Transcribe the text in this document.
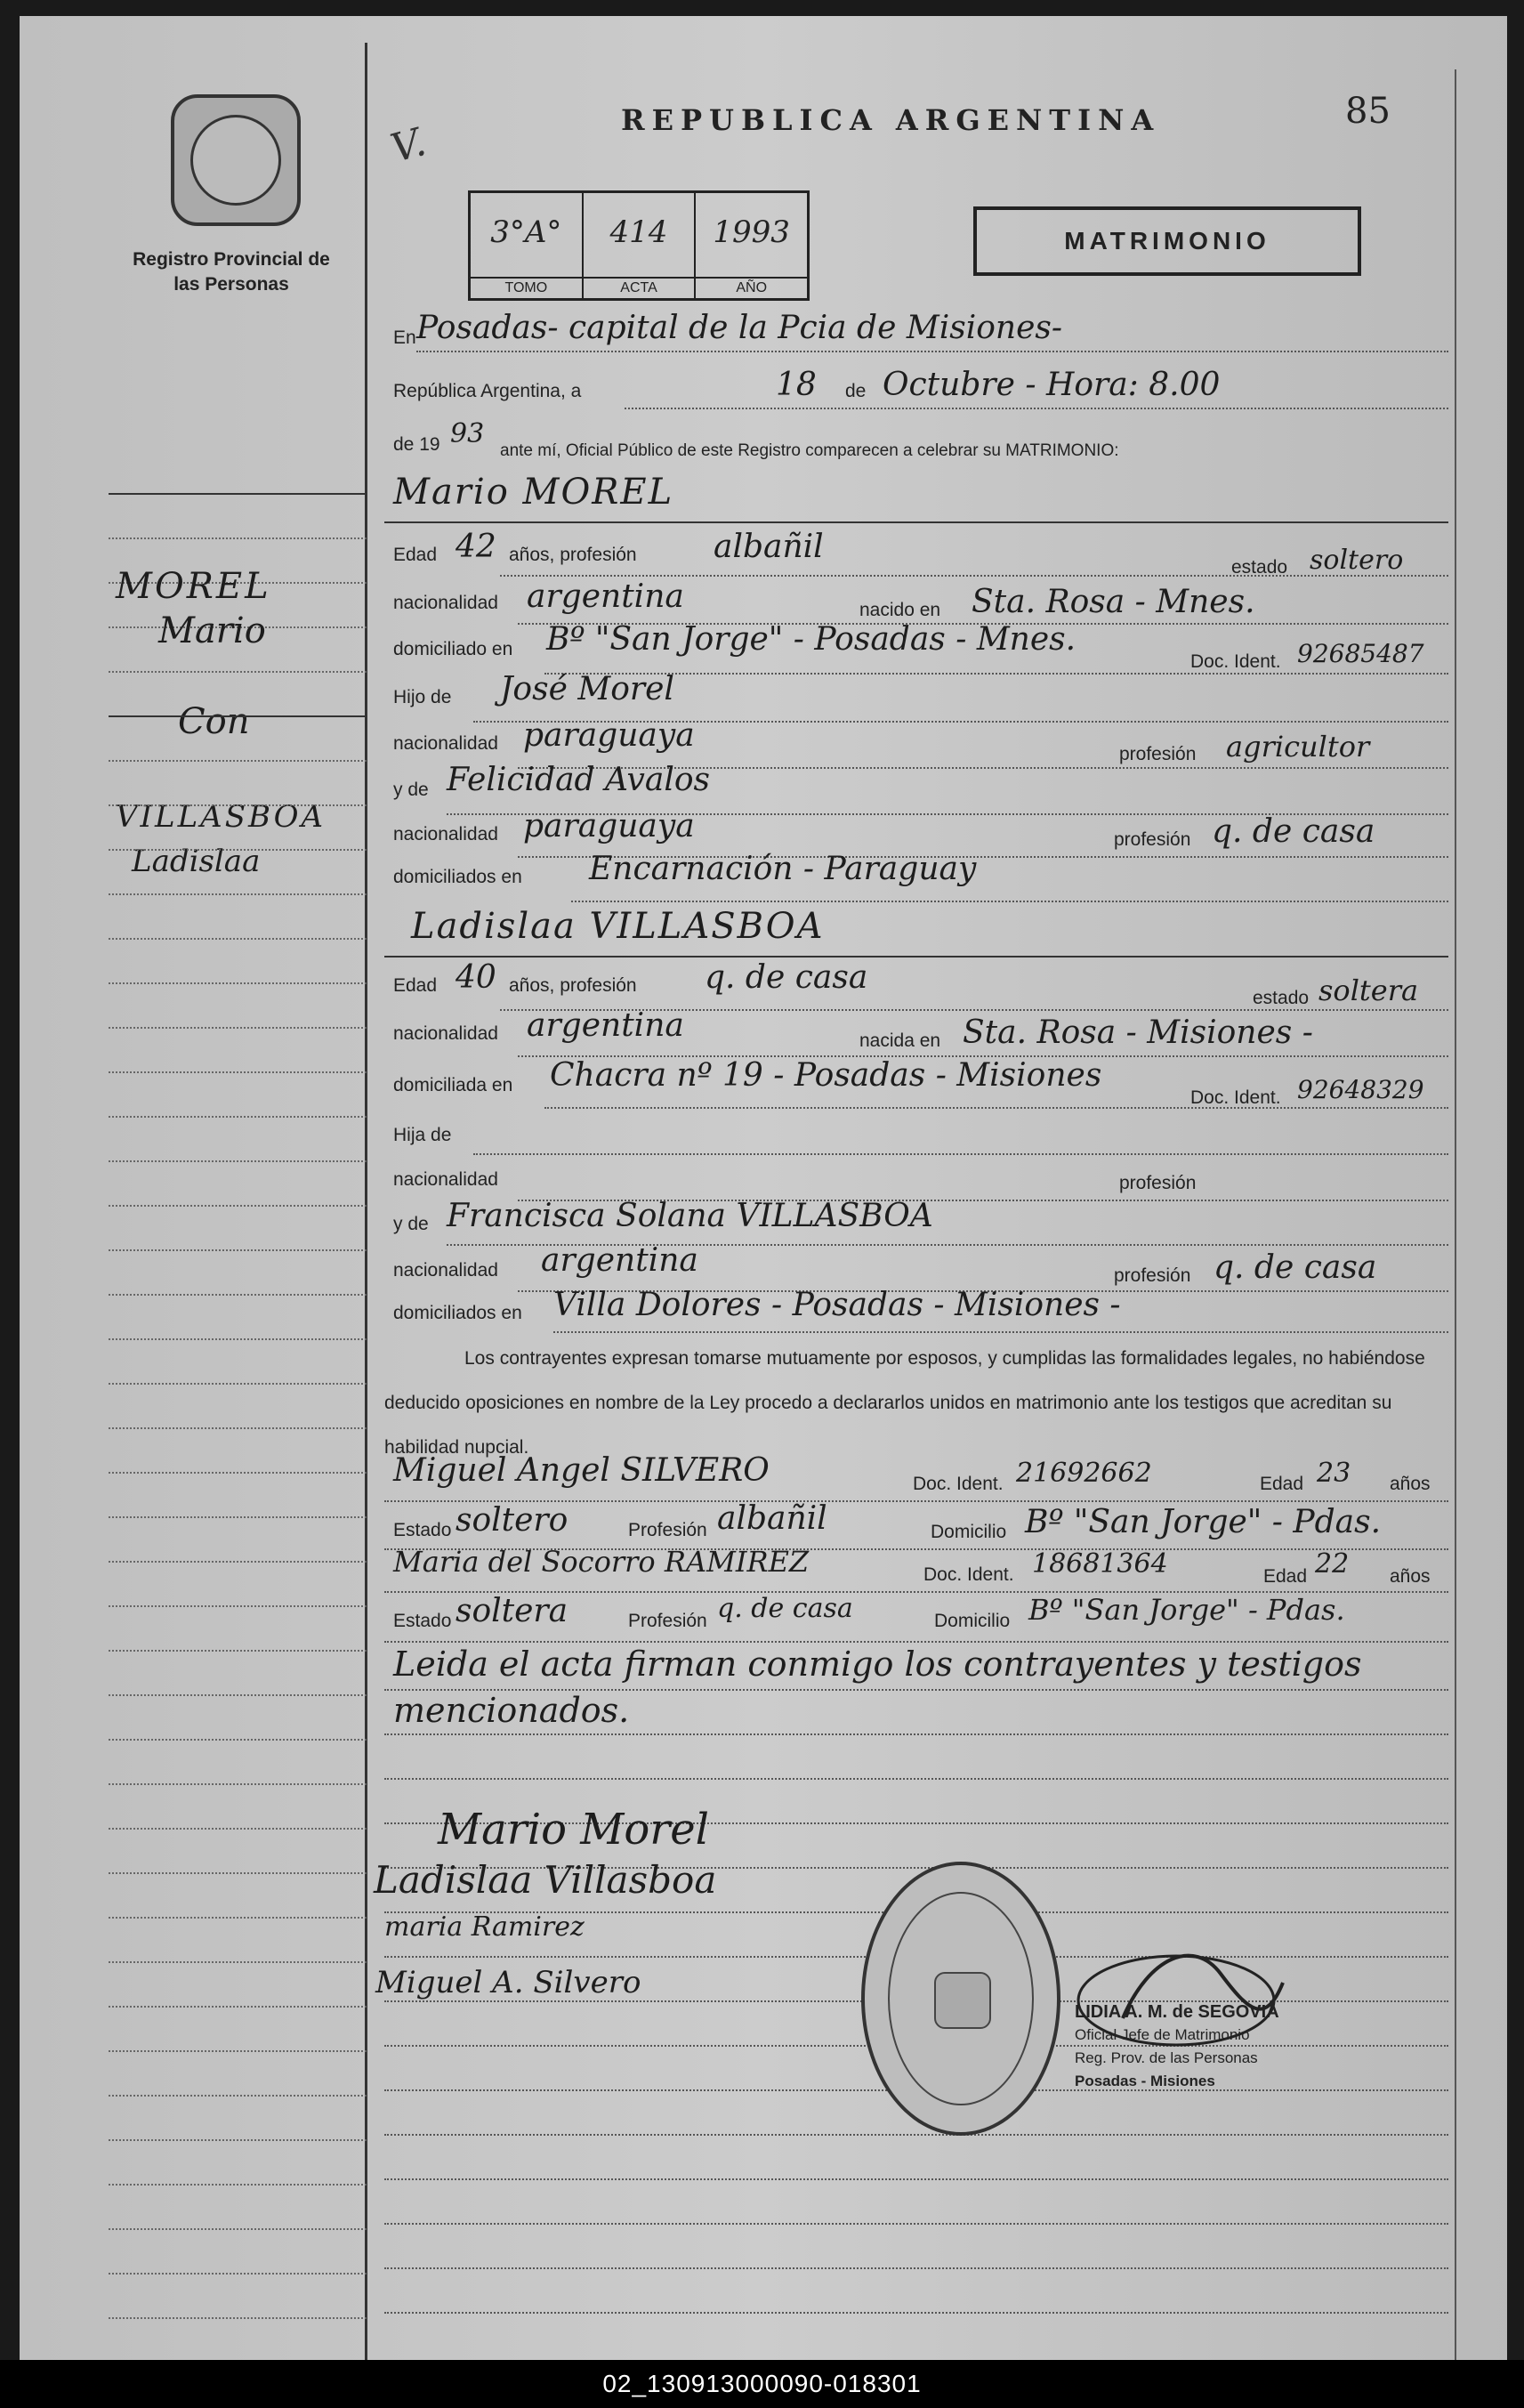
Registro Provincial de las Personas
REPUBLICA ARGENTINA	85
V.
3°A°
TOMO
414
ACTA
1993
AÑO
MATRIMONIO
En Posadas- capital de la Pcia de Misiones-
República Argentina, a	18 de Octubre - Hora: 8.00
de 19 93
ante mí, Oficial Público de este Registro comparecen a celebrar su MATRIMONIO:
Mario MOREL
Edad 42 años, profesión albañil
estado soltero
nacionalidad argentina	nacido en Sta. Rosa - Mnes.
domiciliado en Bº "San Jorge" - Posadas - Mnes.
Doc. Ident. 92685487
Hijo de José Morel
nacionalidad paraguaya
profesión agricultor
y de Felicidad Avalos
nacionalidad paraguaya	profesión q. de casa
domiciliados en Encarnación - Paraguay
Ladislaa VILLASBOA
Edad 40 años, profesión q. de casa
estado soltera
nacionalidad argentina	nacida en Sta. Rosa - Misiones -
domiciliada en Chacra nº 19 - Posadas - Misiones
Doc. Ident. 92648329
Hija de
nacionalidad	profesión
y de Francisca Solana VILLASBOA
nacionalidad argentina	profesión q. de casa
domiciliados en Villa Dolores - Posadas - Misiones -
Los contrayentes expresan tomarse mutuamente por esposos, y cumplidas las formalidades legales, no habiéndose deducido oposiciones en nombre de la Ley procedo a declararlos unidos en matrimonio ante los testigos que acreditan su habilidad nupcial.
Miguel Angel SILVERO	Doc. Ident. 21692662	Edad 23 años
Estado soltero	Profesión albañil	Domicilio Bº "San Jorge" - Pdas.
Maria del Socorro RAMIREZ	Doc. Ident. 18681364	Edad 22 años
Estado soltera	Profesión q. de casa	Domicilio Bº "San Jorge" - Pdas.
Leida el acta firman conmigo los contrayentes y testigos mencionados.
Mario Morel
Ladislaa Villasboa
maria Ramirez
Miguel A. Silvero
LIDIA A. M. de SEGOVIA
Oficial Jefe de Matrimonio
Reg. Prov. de las Personas
Posadas - Misiones
MOREL
Mario
Con
VILLASBOA
Ladislaa
02_130913000090-018301
